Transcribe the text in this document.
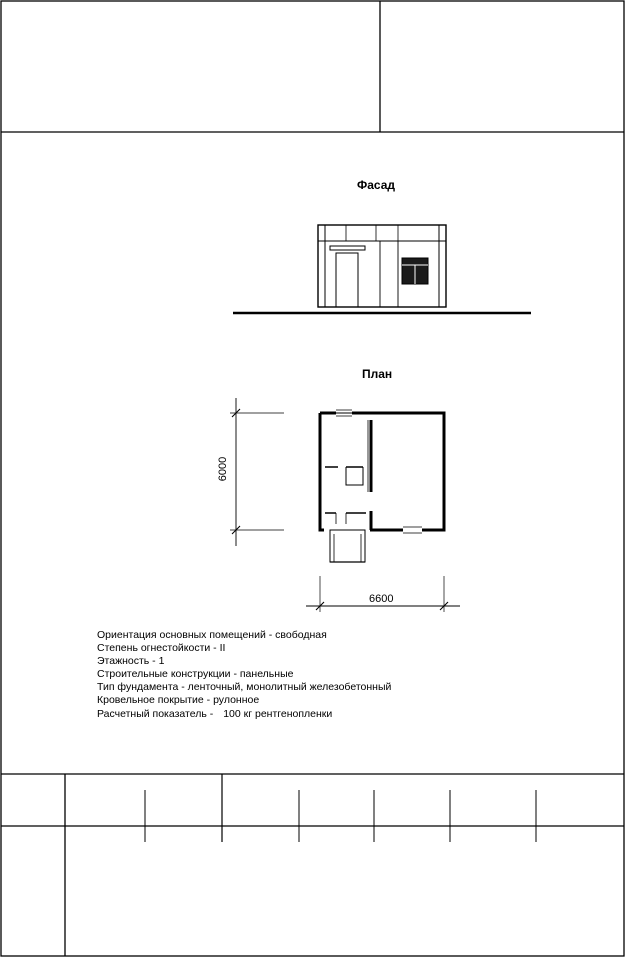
Фасад
План
6000
6600
Ориентация основных помещений - свободная
Степень огнестойкости - II
Этажность - 1
Строительные конструкции - панельные
Тип фундамента - ленточный, монолитный железобетонный
Кровельное покрытие - рулонное
Расчетный показатель - 100 кг рентгенопленки
